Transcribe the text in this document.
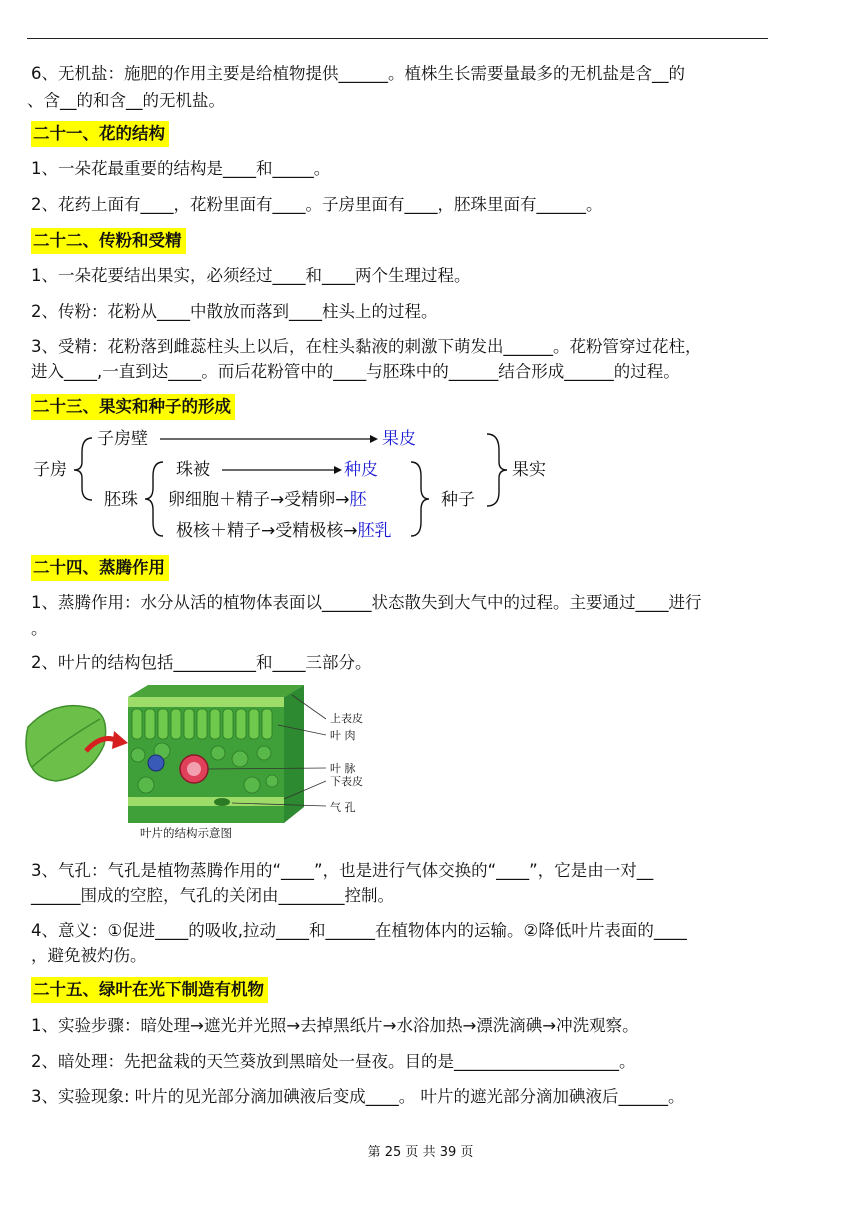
6、无机盐：施肥的作用主要是给植物提供______。植株生长需要量最多的无机盐是含__的
、含__的和含__的无机盐。
二十一、花的结构
1、一朵花最重要的结构是____和_____。
2、花药上面有____，花粉里面有____。子房里面有____，胚珠里面有______。
二十二、传粉和受精
1、一朵花要结出果实，必须经过____和____两个生理过程。
2、传粉：花粉从____中散放而落到____柱头上的过程。
3、受精：花粉落到雌蕊柱头上以后，在柱头黏液的刺激下萌发出______。花粉管穿过花柱，
进入____,一直到达____。而后花粉管中的____与胚珠中的______结合形成______的过程。
二十三、果实和种子的形成
子房
子房壁	果皮
胚珠
珠被	种皮
卵细胞＋精子→受精卵→胚
极核＋精子→受精极核→胚乳
种子
果实
二十四、蒸腾作用
1、蒸腾作用：水分从活的植物体表面以______状态散失到大气中的过程。主要通过____进行
。
2、叶片的结构包括__________和____三部分。
上表皮
叶 肉
叶 脉
下表皮
气 孔
叶片的结构示意图
3、气孔：气孔是植物蒸腾作用的“____”，也是进行气体交换的“____”，它是由一对__
______围成的空腔，气孔的关闭由________控制。
4、意义：①促进____的吸收,拉动____和______在植物体内的运输。②降低叶片表面的____
，避免被灼伤。
二十五、绿叶在光下制造有机物
1、实验步骤：暗处理→遮光并光照→去掉黑纸片→水浴加热→漂洗滴碘→冲洗观察。
2、暗处理：先把盆栽的天竺葵放到黑暗处一昼夜。目的是____________________。
3、实验现象: 叶片的见光部分滴加碘液后变成____。 叶片的遮光部分滴加碘液后______。
第 25 页 共 39 页
